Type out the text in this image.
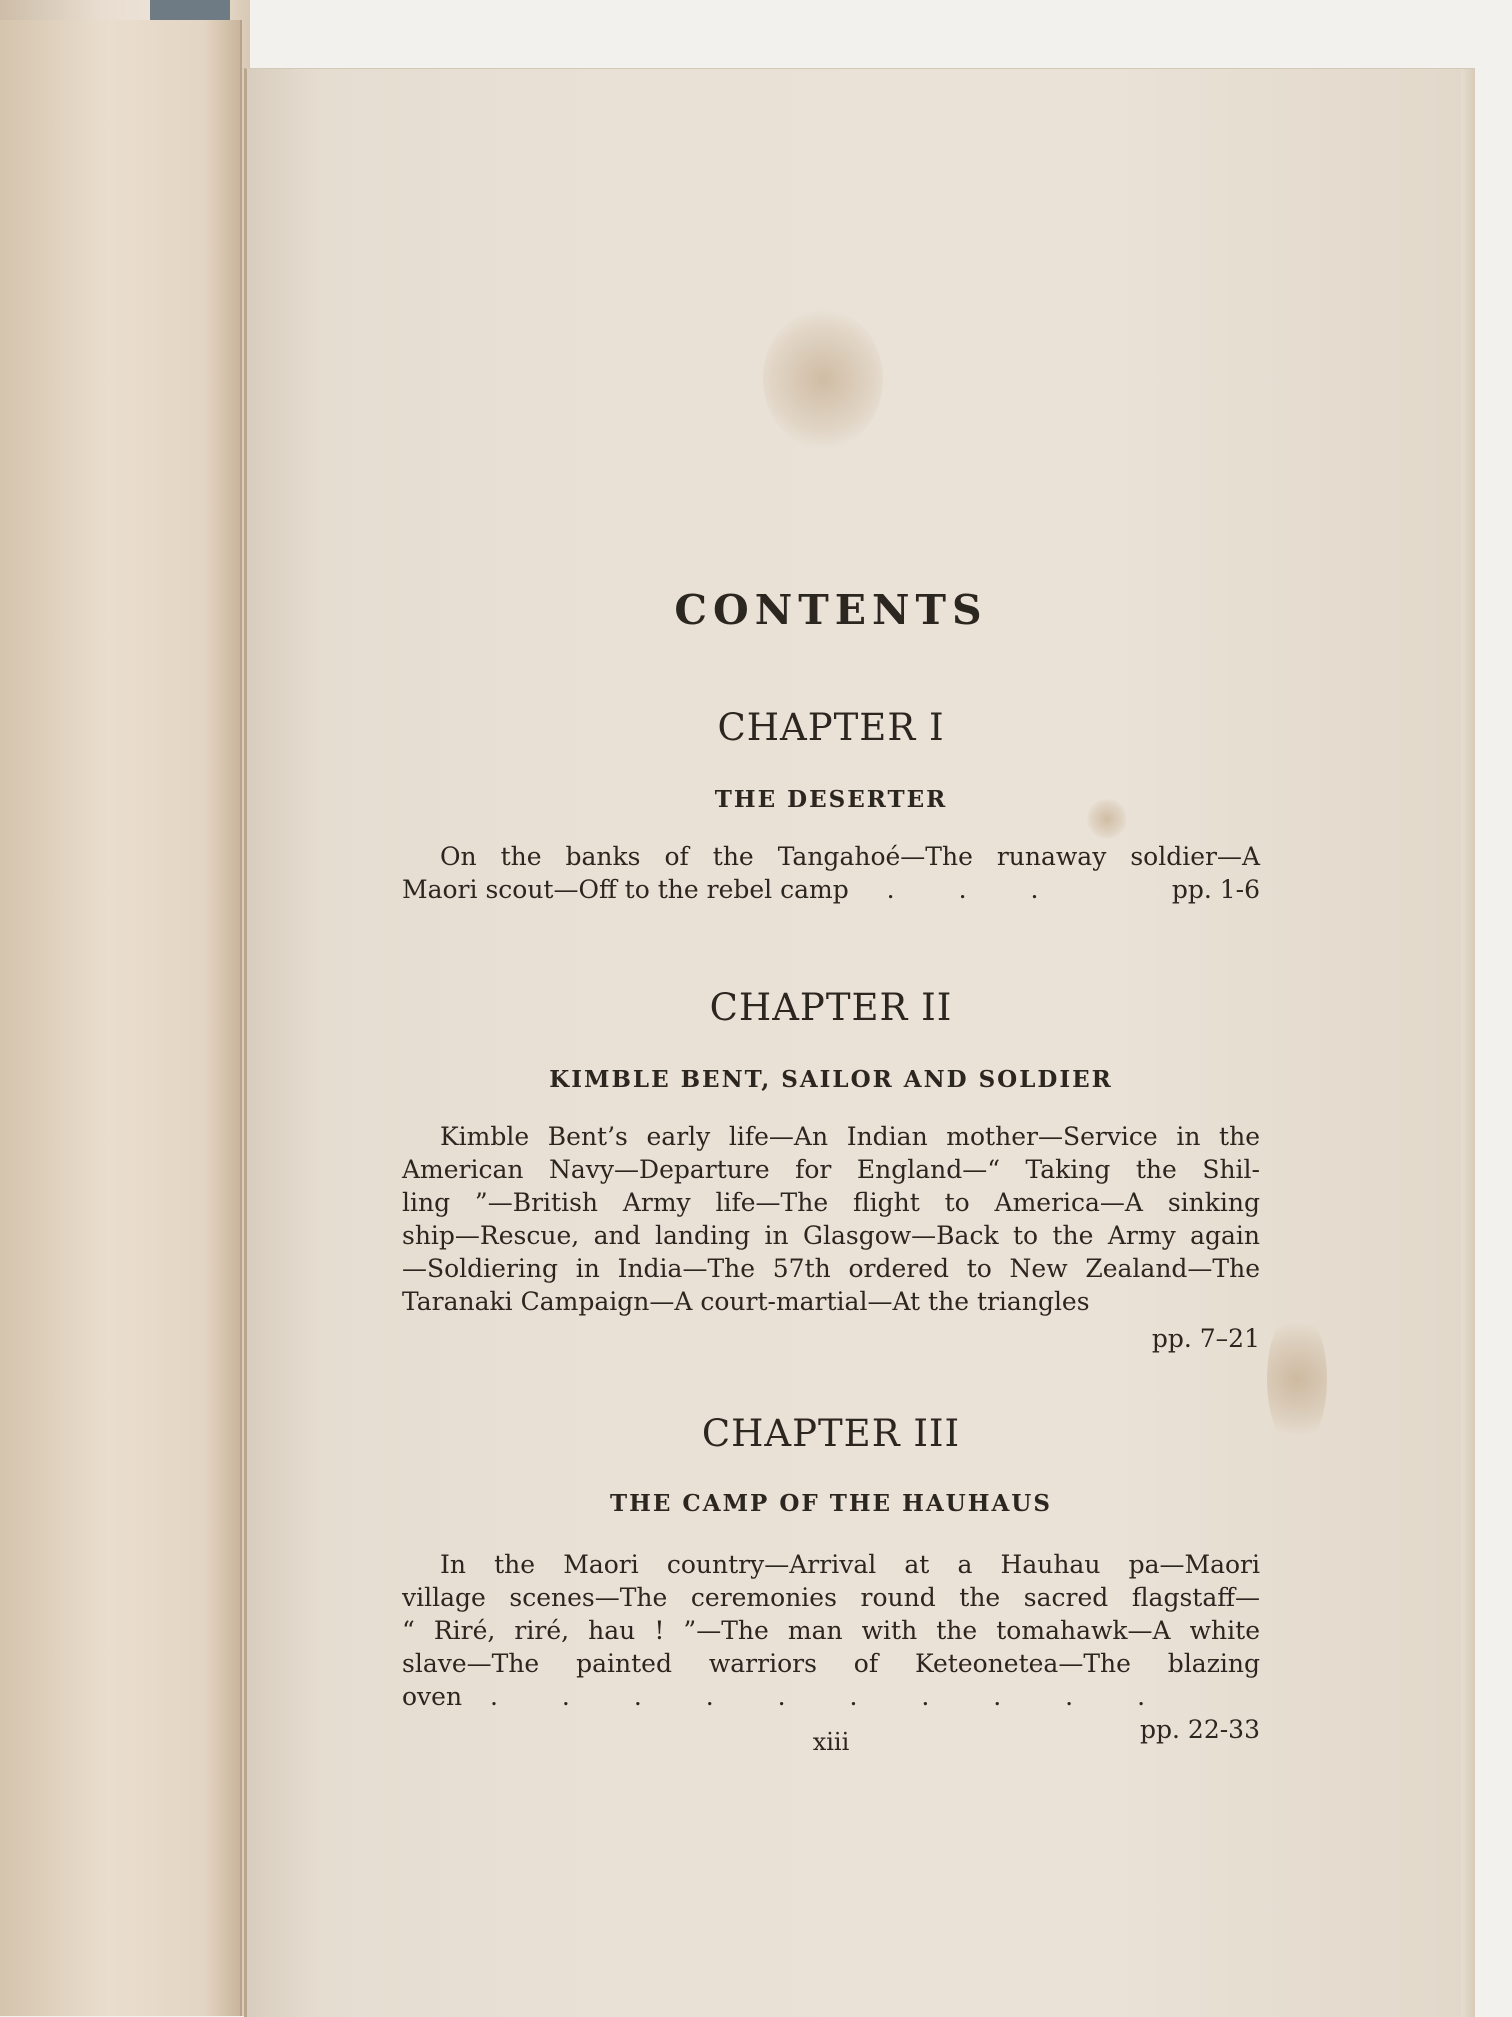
CONTENTS
CHAPTER I
THE DESERTER
On the banks of the Tangahoé—The runaway soldier—A
Maori scout—Off to the rebel camp . . .	pp. 1-6
CHAPTER II
KIMBLE BENT, SAILOR AND SOLDIER
Kimble Bent’s early life—An Indian mother—Service in the
American Navy—Departure for England—“ Taking the Shil-
ling ”—British Army life—The flight to America—A sinking
ship—Rescue, and landing in Glasgow—Back to the Army again
—Soldiering in India—The 57th ordered to New Zealand—The
Taranaki Campaign—A court-martial—At the triangles
pp. 7–21
CHAPTER III
THE CAMP OF THE HAUHAUS
In the Maori country—Arrival at a Hauhau pa—Maori
village scenes—The ceremonies round the sacred flagstaff—
“ Riré, riré, hau ! ”—The man with the tomahawk—A white
slave—The painted warriors of Keteonetea—The blazing
oven . . . . . . . . . .
pp. 22-33
xiii
